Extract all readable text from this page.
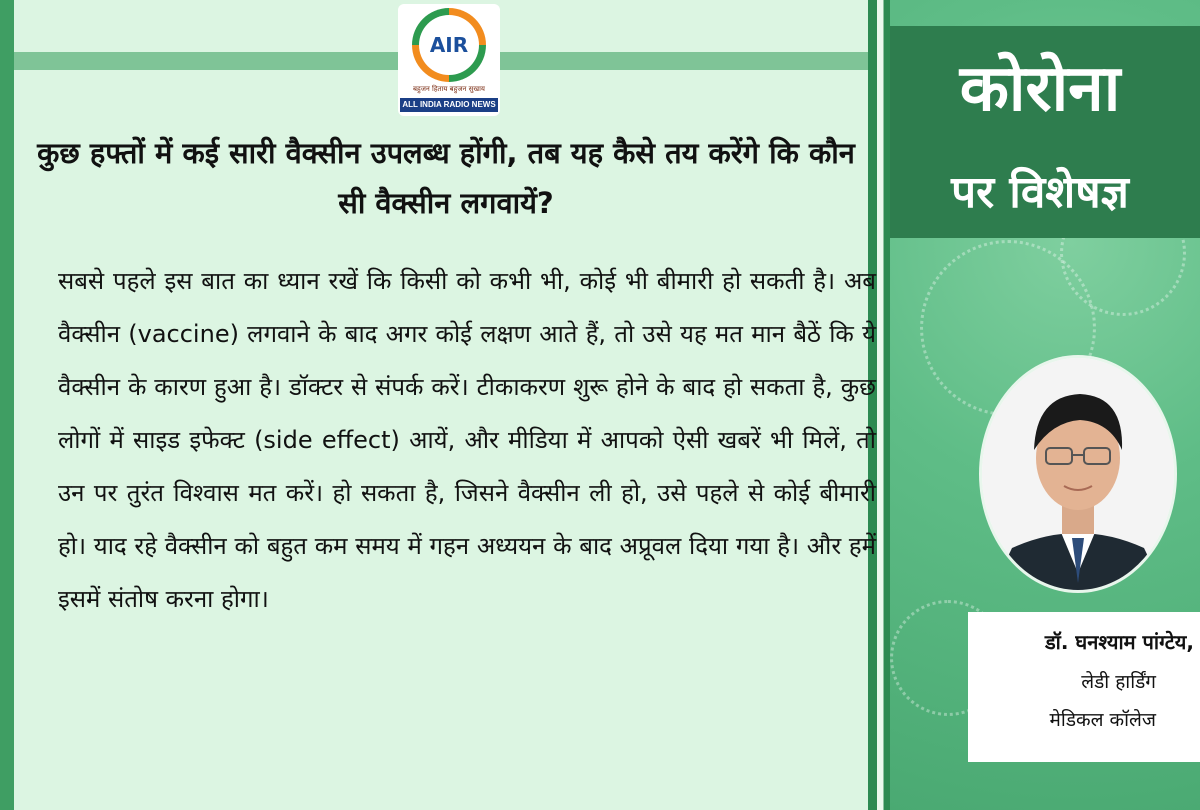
AIR
बहुजन हिताय बहुजन सुखाय
ALL INDIA RADIO NEWS
कुछ हफ्तों में कई सारी वैक्सीन उपलब्ध होंगी, तब यह कैसे तय करेंगे कि कौन सी वैक्सीन लगवायें?
सबसे पहले इस बात का ध्यान रखें कि किसी को कभी भी, कोई भी बीमारी हो सकती है। अब वैक्सीन (vaccine) लगवाने के बाद अगर कोई लक्षण आते हैं, तो उसे यह मत मान बैठें कि ये वैक्सीन के कारण हुआ है। डॉक्टर से संपर्क करें। टीकाकरण शुरू होने के बाद हो सकता है, कुछ लोगों में साइड इफेक्ट (side effect) आयें, और मीडिया में आपको ऐसी खबरें भी मिलें, तो उन पर तुरंत विश्वास मत करें। हो सकता है, जिसने वैक्सीन ली हो, उसे पहले से कोई बीमारी हो। याद रहे वैक्सीन को बहुत कम समय में गहन अध्ययन के बाद अप्रूवल दिया गया है। और हमें इसमें संतोष करना होगा।
कोरोना
पर विशेषज्ञ
डॉ. घनश्याम पांग्टेय,
लेडी हार्डिंग
मेडिकल कॉलेज
